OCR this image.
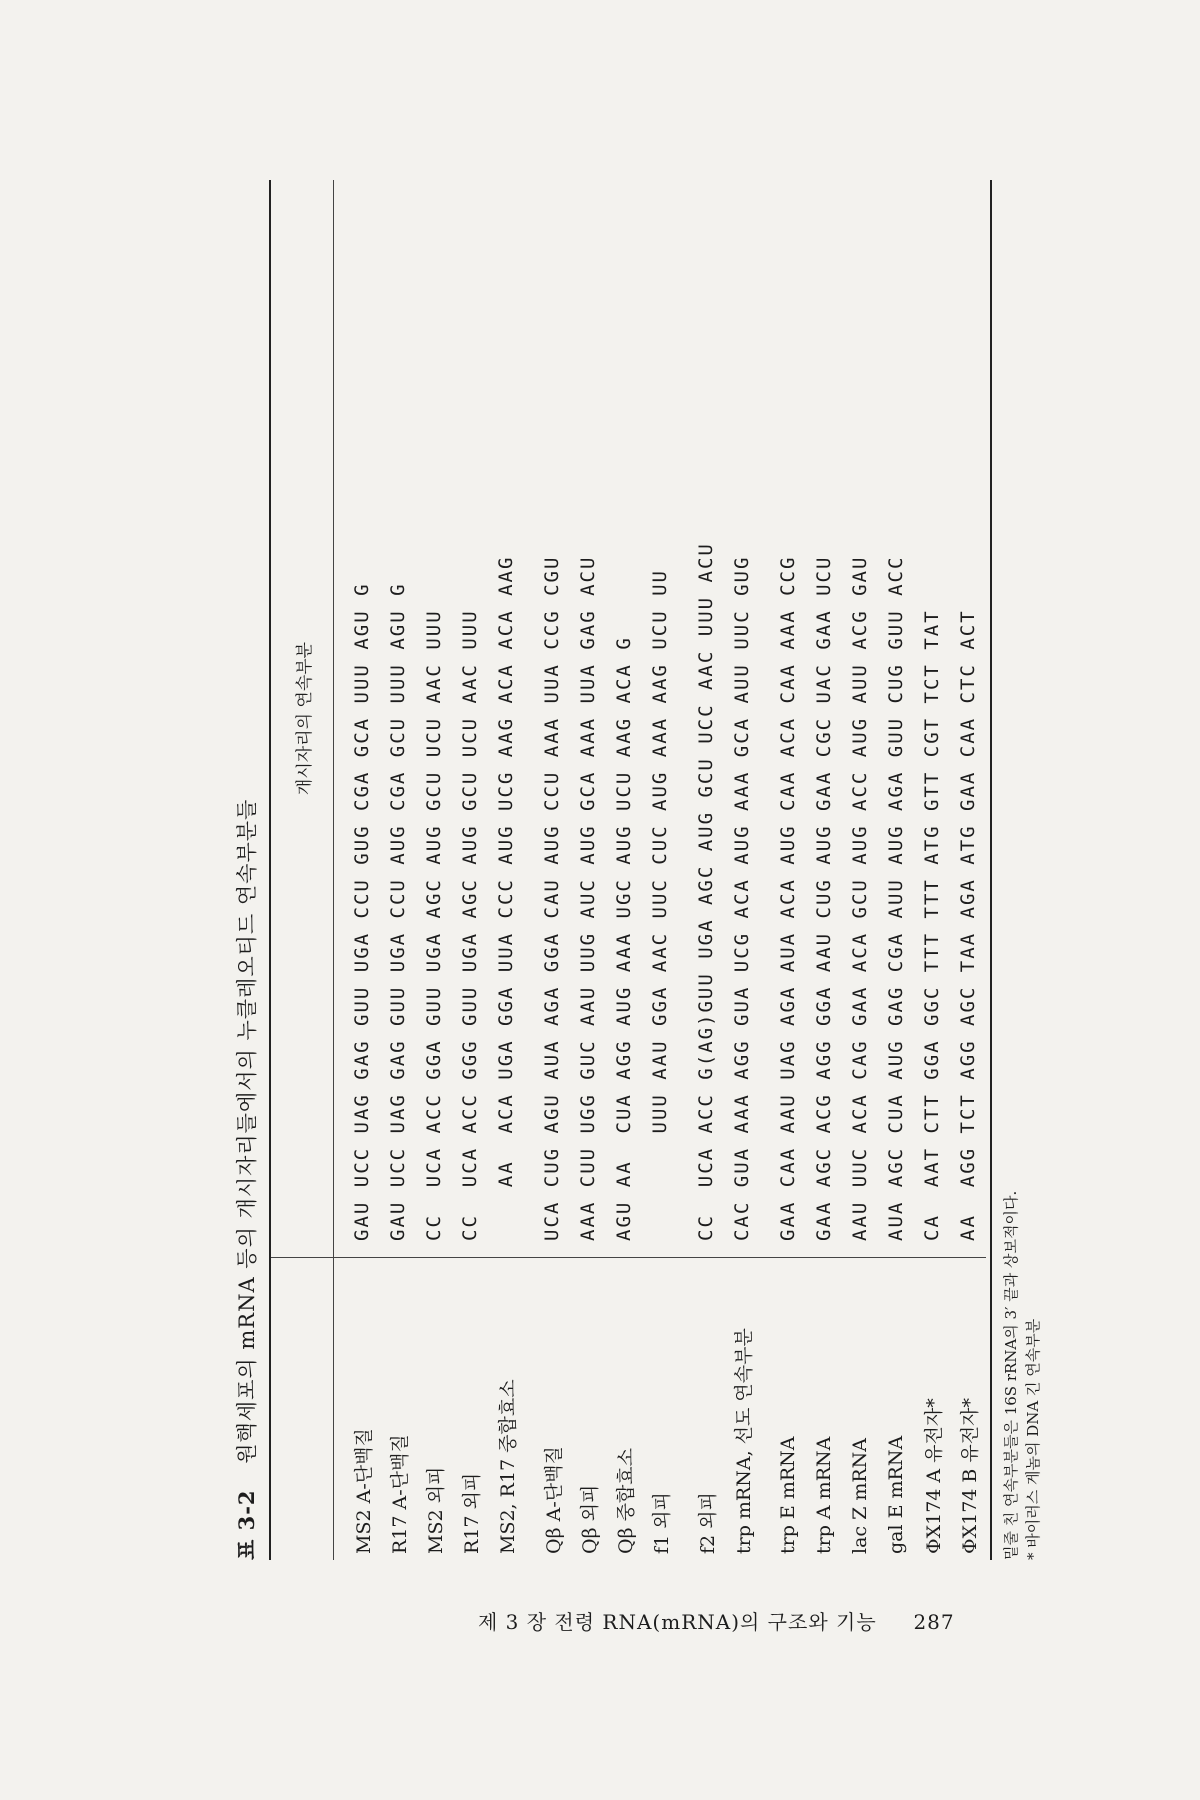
표 3-2 원핵세포의 mRNA 등의 개시자리들에서의 누클레오티드 연속부분들
	개시자리의 연속부분
MS2 A-단백질	GAU UCC UAG GAG GUU UGA CCU GUG CGA GCA UUU AGU G
R17 A-단백질	GAU UCC UAG GAG GUU UGA CCU AUG CGA GCU UUU AGU G
MS2 외피	CC  UCA ACC GGA GUU UGA AGC AUG GCU UCU AAC UUU
R17 외피	CC  UCA ACC GGG GUU UGA AGC AUG GCU UCU AAC UUU
MS2, R17 중합효소	AA  ACA UGA GGA UUA CCC AUG UCG AAG ACA ACA AAG
Qβ A-단백질	UCA CUG AGU AUA AGA GGA CAU AUG CCU AAA UUA CCG CGU
Qβ 외피	AAA CUU UGG GUC AAU UUG AUC AUG GCA AAA UUA GAG ACU
Qβ 중합효소	AGU AA  CUA AGG AUG AAA UGC AUG UCU AAG ACA G
f1 외피	UUU AAU GGA AAC UUC CUC AUG AAA AAG UCU UU
f2 외피	CC  UCA ACC G(AG)GUU UGA AGC AUG GCU UCC AAC UUU ACU
trp mRNA, 선도 연속부분	CAC GUA AAA AGG GUA UCG ACA AUG AAA GCA AUU UUC GUG
trp E mRNA	GAA CAA AAU UAG AGA AUA ACA AUG CAA ACA CAA AAA CCG
trp A mRNA	GAA AGC ACG AGG GGA AAU CUG AUG GAA CGC UAC GAA UCU
lac Z mRNA	AAU UUC ACA CAG GAA ACA GCU AUG ACC AUG AUU ACG GAU
gal E mRNA	AUA AGC CUA AUG GAG CGA AUU AUG AGA GUU CUG GUU ACC
ΦX174 A 유전자*	CA  AAT CTT GGA GGC TTT TTT ATG GTT CGT TCT TAT
ΦX174 B 유전자*	AA  AGG TCT AGG AGC TAA AGA ATG GAA CAA CTC ACT
밑줄 친 연속부분들은 16S rRNA의 3′ 끝과 상보적이다. * 바이러스 게놈의 DNA 긴 연속부분
제 3 장 전령 RNA(mRNA)의 구조와 기능 287
